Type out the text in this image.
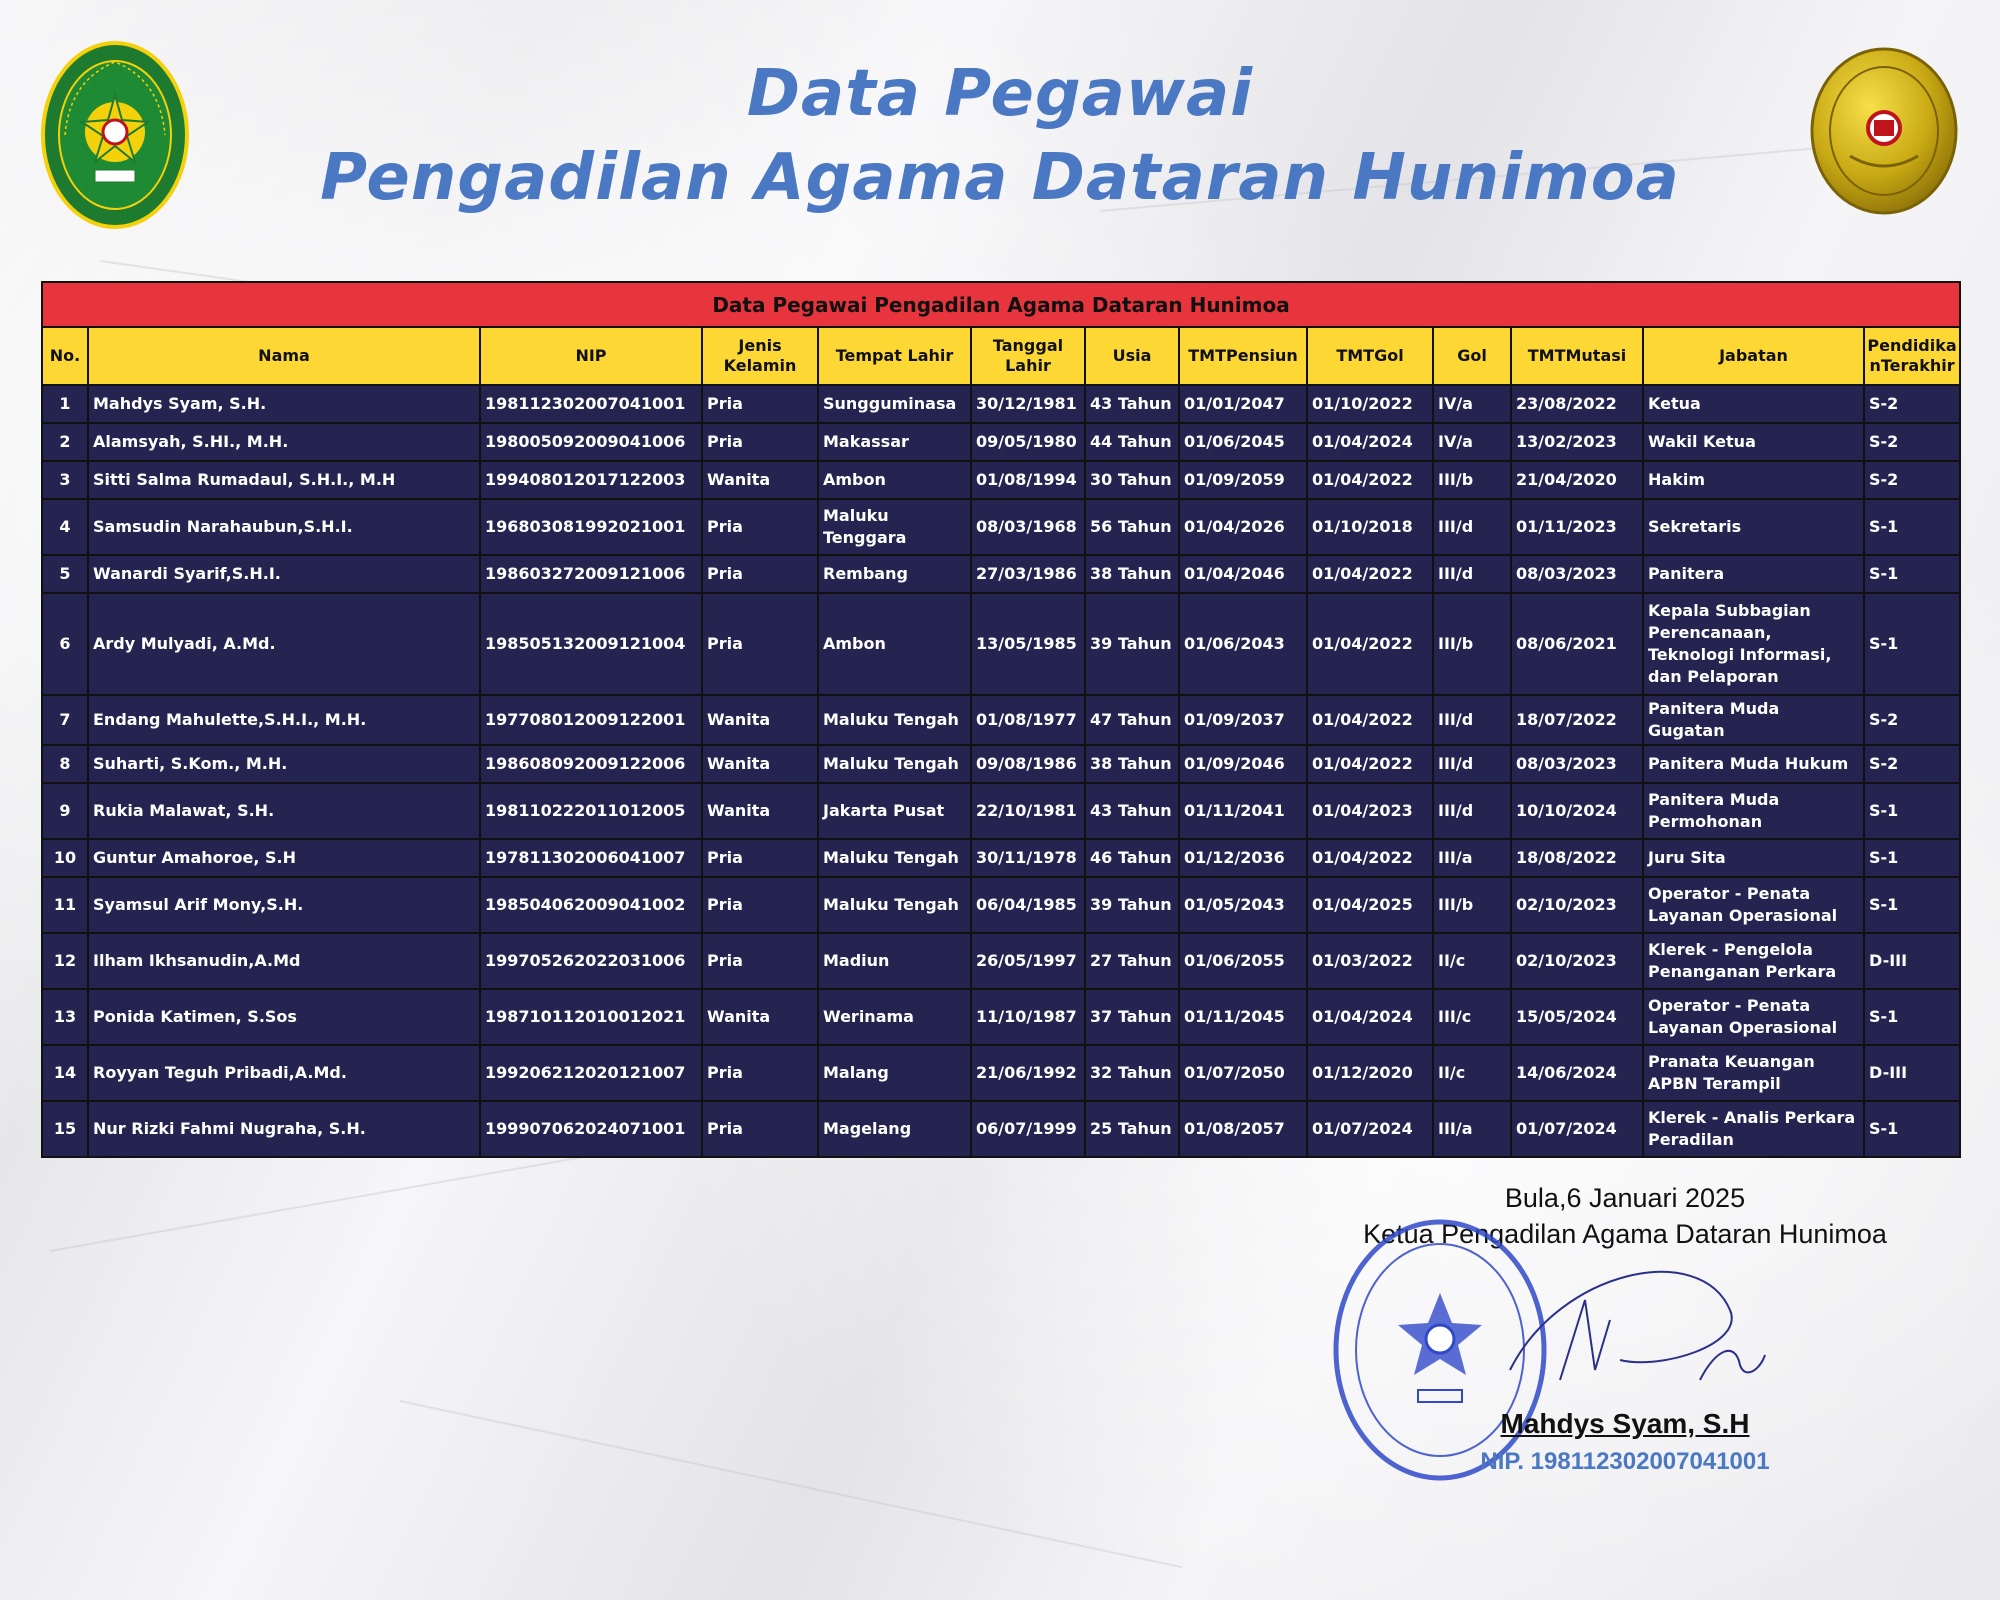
Data Pegawai
Pengadilan Agama Dataran Hunimoa
Data Pegawai Pengadilan Agama Dataran Hunimoa												
No.	Nama	NIP	Jenis Kelamin	Tempat Lahir	Tanggal Lahir	Usia	TMTPensiun	TMTGol	Gol	TMTMutasi	Jabatan	PendidikanTerakhir
1	Mahdys Syam, S.H.	198112302007041001	Pria	Sungguminasa	30/12/1981	43 Tahun	01/01/2047	01/10/2022	IV/a	23/08/2022	Ketua	S-2
2	Alamsyah, S.HI., M.H.	198005092009041006	Pria	Makassar	09/05/1980	44 Tahun	01/06/2045	01/04/2024	IV/a	13/02/2023	Wakil Ketua	S-2
3	Sitti Salma Rumadaul, S.H.I., M.H	199408012017122003	Wanita	Ambon	01/08/1994	30 Tahun	01/09/2059	01/04/2022	III/b	21/04/2020	Hakim	S-2
4	Samsudin Narahaubun,S.H.I.	196803081992021001	Pria	Maluku Tenggara	08/03/1968	56 Tahun	01/04/2026	01/10/2018	III/d	01/11/2023	Sekretaris	S-1
5	Wanardi Syarif,S.H.I.	198603272009121006	Pria	Rembang	27/03/1986	38 Tahun	01/04/2046	01/04/2022	III/d	08/03/2023	Panitera	S-1
6	Ardy Mulyadi, A.Md.	198505132009121004	Pria	Ambon	13/05/1985	39 Tahun	01/06/2043	01/04/2022	III/b	08/06/2021	Kepala Subbagian Perencanaan, Teknologi Informasi, dan Pelaporan	S-1
7	Endang Mahulette,S.H.I., M.H.	197708012009122001	Wanita	Maluku Tengah	01/08/1977	47 Tahun	01/09/2037	01/04/2022	III/d	18/07/2022	Panitera Muda Gugatan	S-2
8	Suharti, S.Kom., M.H.	198608092009122006	Wanita	Maluku Tengah	09/08/1986	38 Tahun	01/09/2046	01/04/2022	III/d	08/03/2023	Panitera Muda Hukum	S-2
9	Rukia Malawat, S.H.	198110222011012005	Wanita	Jakarta Pusat	22/10/1981	43 Tahun	01/11/2041	01/04/2023	III/d	10/10/2024	Panitera Muda Permohonan	S-1
10	Guntur Amahoroe, S.H	197811302006041007	Pria	Maluku Tengah	30/11/1978	46 Tahun	01/12/2036	01/04/2022	III/a	18/08/2022	Juru Sita	S-1
11	Syamsul Arif Mony,S.H.	198504062009041002	Pria	Maluku Tengah	06/04/1985	39 Tahun	01/05/2043	01/04/2025	III/b	02/10/2023	Operator - Penata Layanan Operasional	S-1
12	Ilham Ikhsanudin,A.Md	199705262022031006	Pria	Madiun	26/05/1997	27 Tahun	01/06/2055	01/03/2022	II/c	02/10/2023	Klerek - Pengelola Penanganan Perkara	D-III
13	Ponida Katimen, S.Sos	198710112010012021	Wanita	Werinama	11/10/1987	37 Tahun	01/11/2045	01/04/2024	III/c	15/05/2024	Operator - Penata Layanan Operasional	S-1
14	Royyan Teguh Pribadi,A.Md.	199206212020121007	Pria	Malang	21/06/1992	32 Tahun	01/07/2050	01/12/2020	II/c	14/06/2024	Pranata Keuangan APBN Terampil	D-III
15	Nur Rizki Fahmi Nugraha, S.H.	199907062024071001	Pria	Magelang	06/07/1999	25 Tahun	01/08/2057	01/07/2024	III/a	01/07/2024	Klerek - Analis Perkara Peradilan	S-1
Bula,6 Januari 2025
Ketua Pengadilan Agama Dataran Hunimoa
Mahdys Syam, S.H
NIP. 198112302007041001
